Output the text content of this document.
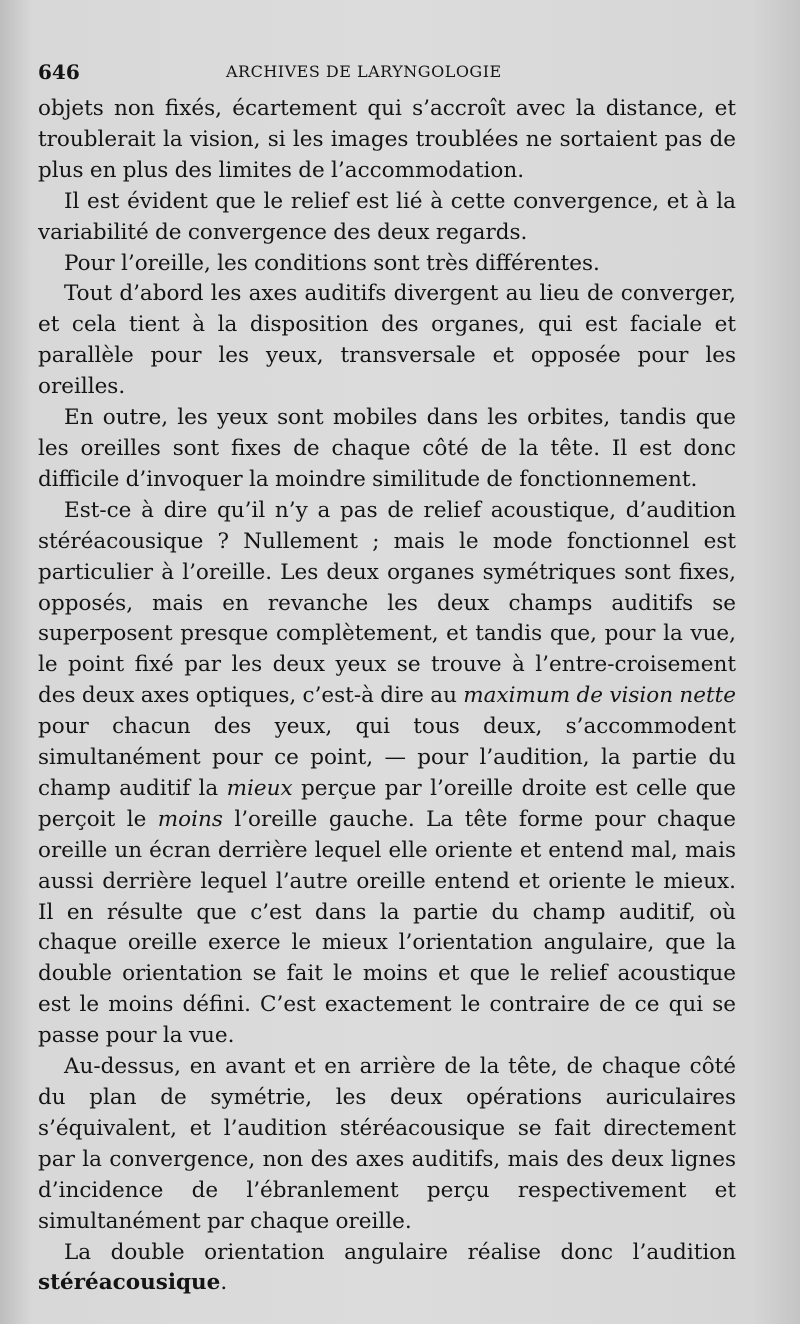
646	ARCHIVES DE LARYNGOLOGIE

objets non fixés, écartement qui s’accroît avec la distance, et troublerait la vision, si les images troublées ne sortaient pas de plus en plus des limites de l’accommodation.

Il est évident que le relief est lié à cette convergence, et à la variabilité de convergence des deux regards.

Pour l’oreille, les conditions sont très différentes.

Tout d’abord les axes auditifs divergent au lieu de converger, et cela tient à la disposition des organes, qui est faciale et parallèle pour les yeux, transversale et opposée pour les oreilles.

En outre, les yeux sont mobiles dans les orbites, tandis que les oreilles sont fixes de chaque côté de la tête. Il est donc difficile d’invoquer la moindre similitude de fonctionnement.

Est-ce à dire qu’il n’y a pas de relief acoustique, d’audition stéréacousique ? Nullement ; mais le mode fonctionnel est particulier à l’oreille. Les deux organes symétriques sont fixes, opposés, mais en revanche les deux champs auditifs se superposent presque complètement, et tandis que, pour la vue, le point fixé par les deux yeux se trouve à l’entre-croisement des deux axes optiques, c’est-à dire au maximum de vision nette pour chacun des yeux, qui tous deux, s’accommodent simultanément pour ce point, — pour l’audition, la partie du champ auditif la mieux perçue par l’oreille droite est celle que perçoit le moins l’oreille gauche. La tête forme pour chaque oreille un écran derrière lequel elle oriente et entend mal, mais aussi derrière lequel l’autre oreille entend et oriente le mieux. Il en résulte que c’est dans la partie du champ auditif, où chaque oreille exerce le mieux l’orientation angulaire, que la double orientation se fait le moins et que le relief acoustique est le moins défini. C’est exactement le contraire de ce qui se passe pour la vue.

Au-dessus, en avant et en arrière de la tête, de chaque côté du plan de symétrie, les deux opérations auriculaires s’équivalent, et l’audition stéréacousique se fait directement par la convergence, non des axes auditifs, mais des deux lignes d’incidence de l’ébranlement perçu respectivement et simultanément par chaque oreille.

La double orientation angulaire réalise donc l’audition stéréacousique.
